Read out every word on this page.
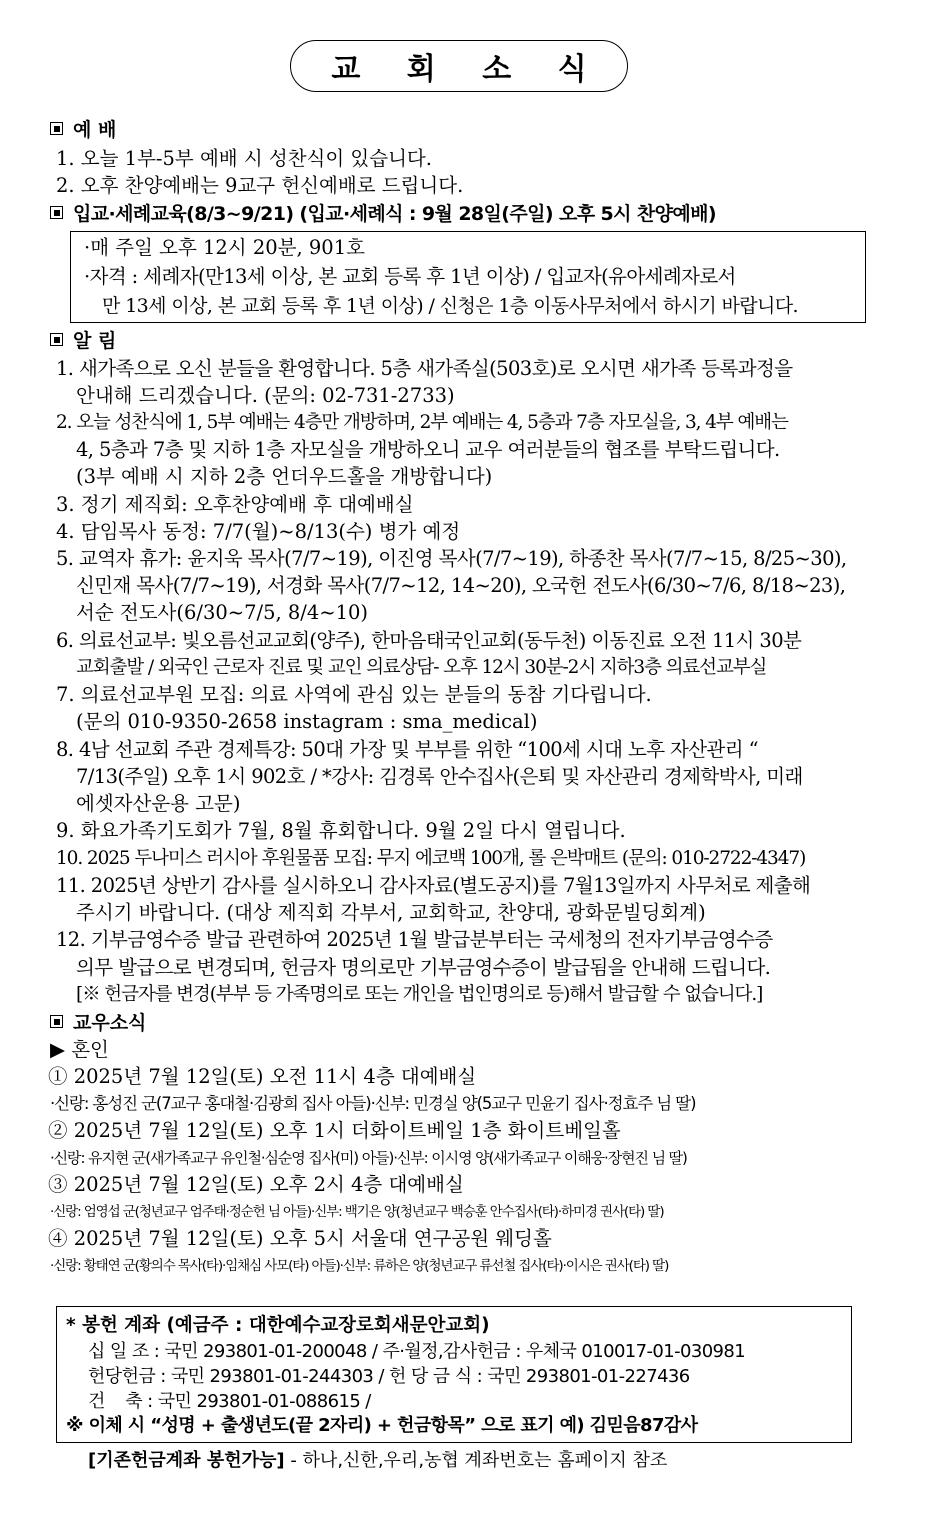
교 회 소 식
예 배
1. 오늘 1부-5부 예배 시 성찬식이 있습니다.
2. 오후 찬양예배는 9교구 헌신예배로 드립니다.
입교·세례교육(8/3~9/21) (입교·세례식 : 9월 28일(주일) 오후 5시 찬양예배)
·매 주일 오후 12시 20분, 901호
·자격 : 세례자(만13세 이상, 본 교회 등록 후 1년 이상) / 입교자(유아세례자로서
만 13세 이상, 본 교회 등록 후 1년 이상) / 신청은 1층 이동사무처에서 하시기 바랍니다.
알 림
1. 새가족으로 오신 분들을 환영합니다. 5층 새가족실(503호)로 오시면 새가족 등록과정을
안내해 드리겠습니다. (문의: 02-731-2733)
2. 오늘 성찬식에 1, 5부 예배는 4층만 개방하며, 2부 예배는 4, 5층과 7층 자모실을, 3, 4부 예배는
4, 5층과 7층 및 지하 1층 자모실을 개방하오니 교우 여러분들의 협조를 부탁드립니다.
(3부 예배 시 지하 2층 언더우드홀을 개방합니다)
3. 정기 제직회: 오후찬양예배 후 대예배실
4. 담임목사 동정: 7/7(월)~8/13(수) 병가 예정
5. 교역자 휴가: 윤지욱 목사(7/7~19), 이진영 목사(7/7~19), 하종찬 목사(7/7~15, 8/25~30),
신민재 목사(7/7~19), 서경화 목사(7/7~12, 14~20), 오국헌 전도사(6/30~7/6, 8/18~23),
서순 전도사(6/30~7/5, 8/4~10)
6. 의료선교부: 빛오름선교교회(양주), 한마음태국인교회(동두천) 이동진료 오전 11시 30분
교회출발 / 외국인 근로자 진료 및 교인 의료상담- 오후 12시 30분-2시 지하3층 의료선교부실
7. 의료선교부원 모집: 의료 사역에 관심 있는 분들의 동참 기다립니다.
(문의 010-9350-2658 instagram : sma_medical)
8. 4남 선교회 주관 경제특강: 50대 가장 및 부부를 위한 “100세 시대 노후 자산관리 “
7/13(주일) 오후 1시 902호 / *강사: 김경록 안수집사(은퇴 및 자산관리 경제학박사, 미래
에셋자산운용 고문)
9. 화요가족기도회가 7월, 8월 휴회합니다. 9월 2일 다시 열립니다.
10. 2025 두나미스 러시아 후원물품 모집: 무지 에코백 100개, 롤 은박매트 (문의: 010-2722-4347)
11. 2025년 상반기 감사를 실시하오니 감사자료(별도공지)를 7월13일까지 사무처로 제출해
주시기 바랍니다. (대상 제직회 각부서, 교회학교, 찬양대, 광화문빌딩회계)
12. 기부금영수증 발급 관련하여 2025년 1월 발급분부터는 국세청의 전자기부금영수증
의무 발급으로 변경되며, 헌금자 명의로만 기부금영수증이 발급됨을 안내해 드립니다.
[※ 헌금자를 변경(부부 등 가족명의로 또는 개인을 법인명의로 등)해서 발급할 수 없습니다.]
교우소식
▶ 혼인
① 2025년 7월 12일(토) 오전 11시 4층 대예배실
·신랑: 홍성진 군(7교구 홍대철·김광희 집사 아들)·신부: 민경실 양(5교구 민윤기 집사·정효주 님 딸)
② 2025년 7월 12일(토) 오후 1시 더화이트베일 1층 화이트베일홀
·신랑: 유지현 군(새가족교구 유인철·심순영 집사(미) 아들)·신부: 이시영 양(새가족교구 이해웅·장현진 님 딸)
③ 2025년 7월 12일(토) 오후 2시 4층 대예배실
·신랑: 엄영섭 군(청년교구 엄주태·정순헌 님 아들)·신부: 백기은 양(청년교구 백승훈 안수집사(타)·하미경 권사(타) 딸)
④ 2025년 7월 12일(토) 오후 5시 서울대 연구공원 웨딩홀
·신랑: 황태연 군(황의수 목사(타)·임채심 사모(타) 아들)·신부: 류하은 양(청년교구 류선철 집사(타)·이시은 권사(타) 딸)
* 봉헌 계좌 (예금주 : 대한예수교장로회새문안교회)
십 일 조 : 국민 293801-01-200048 / 주·월정,감사헌금 : 우체국 010017-01-030981
헌당헌금 : 국민 293801-01-244303 / 헌 당 금 식 : 국민 293801-01-227436
건    축 : 국민 293801-01-088615 /
※ 이체 시 “성명 + 출생년도(끝 2자리) + 헌금항목” 으로 표기 예) 김믿음87감사
[기존헌금계좌 봉헌가능] - 하나,신한,우리,농협 계좌번호는 홈페이지 참조
